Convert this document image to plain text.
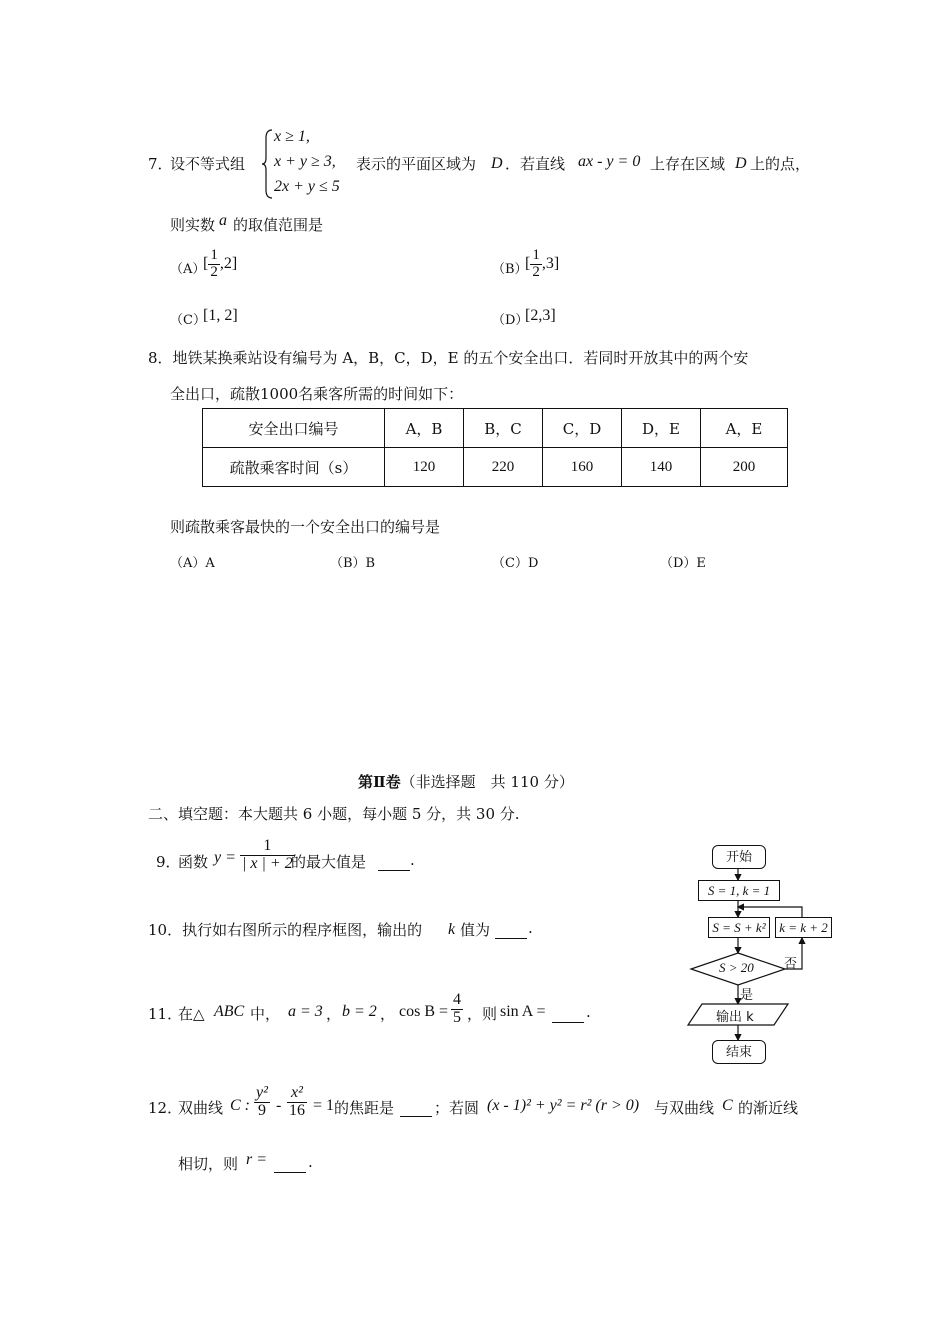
7．
设不等式组
x ≥ 1,
x + y ≥ 3,
2x + y ≤ 5
表示的平面区域为 D ．若直线 ax - y = 0 上存在区域 D 上的点，
则实数 a 的取值范围是
（A）
[ $\frac{1}{2} ,2$]	（B）
[ $\frac{1}{2} ,3$]
（C）
[1, 2]	（D）
[2,3]
8．地铁某换乘站设有编号为 A，B，C，D，E 的五个安全出口．若同时开放其中的两个安
全出口，疏散1000名乘客所需的时间如下：
安全出口编号	A，B	B，C	C，D	D，E	A，E
疏散乘客时间（s）	120	220	160	140	200
则疏散乘客最快的一个安全出口的编号是
（A）A	（B）B	（C）D	（D）E
第Ⅱ卷（非选择题　共 110 分）
二、填空题：本大题共 6 小题，每小题 5 分，共 30 分.
9．
函数 $y = \frac{1}{| x | + 2}$
的最大值是	.
10．执行如右图所示的程序框图，输出的 k 值为	.
11．
在△ ABC 中， a = 3 ， b = 2 ， $\cos B = \frac{4}{5}$ ，则 sin A =	.
12．
双曲线 C : $\frac{\text{y²}}{9} - \frac{\text{x²}}{16} = 1$ 的焦距是	；若圆 (x - 1)² + y² = r² (r > 0) 与双曲线 C 的渐近线
相切，则 r =	.
开始
S = 1, k = 1
S = S + k²	k = k + 2
S > 20 否
是
输出 k
结束
